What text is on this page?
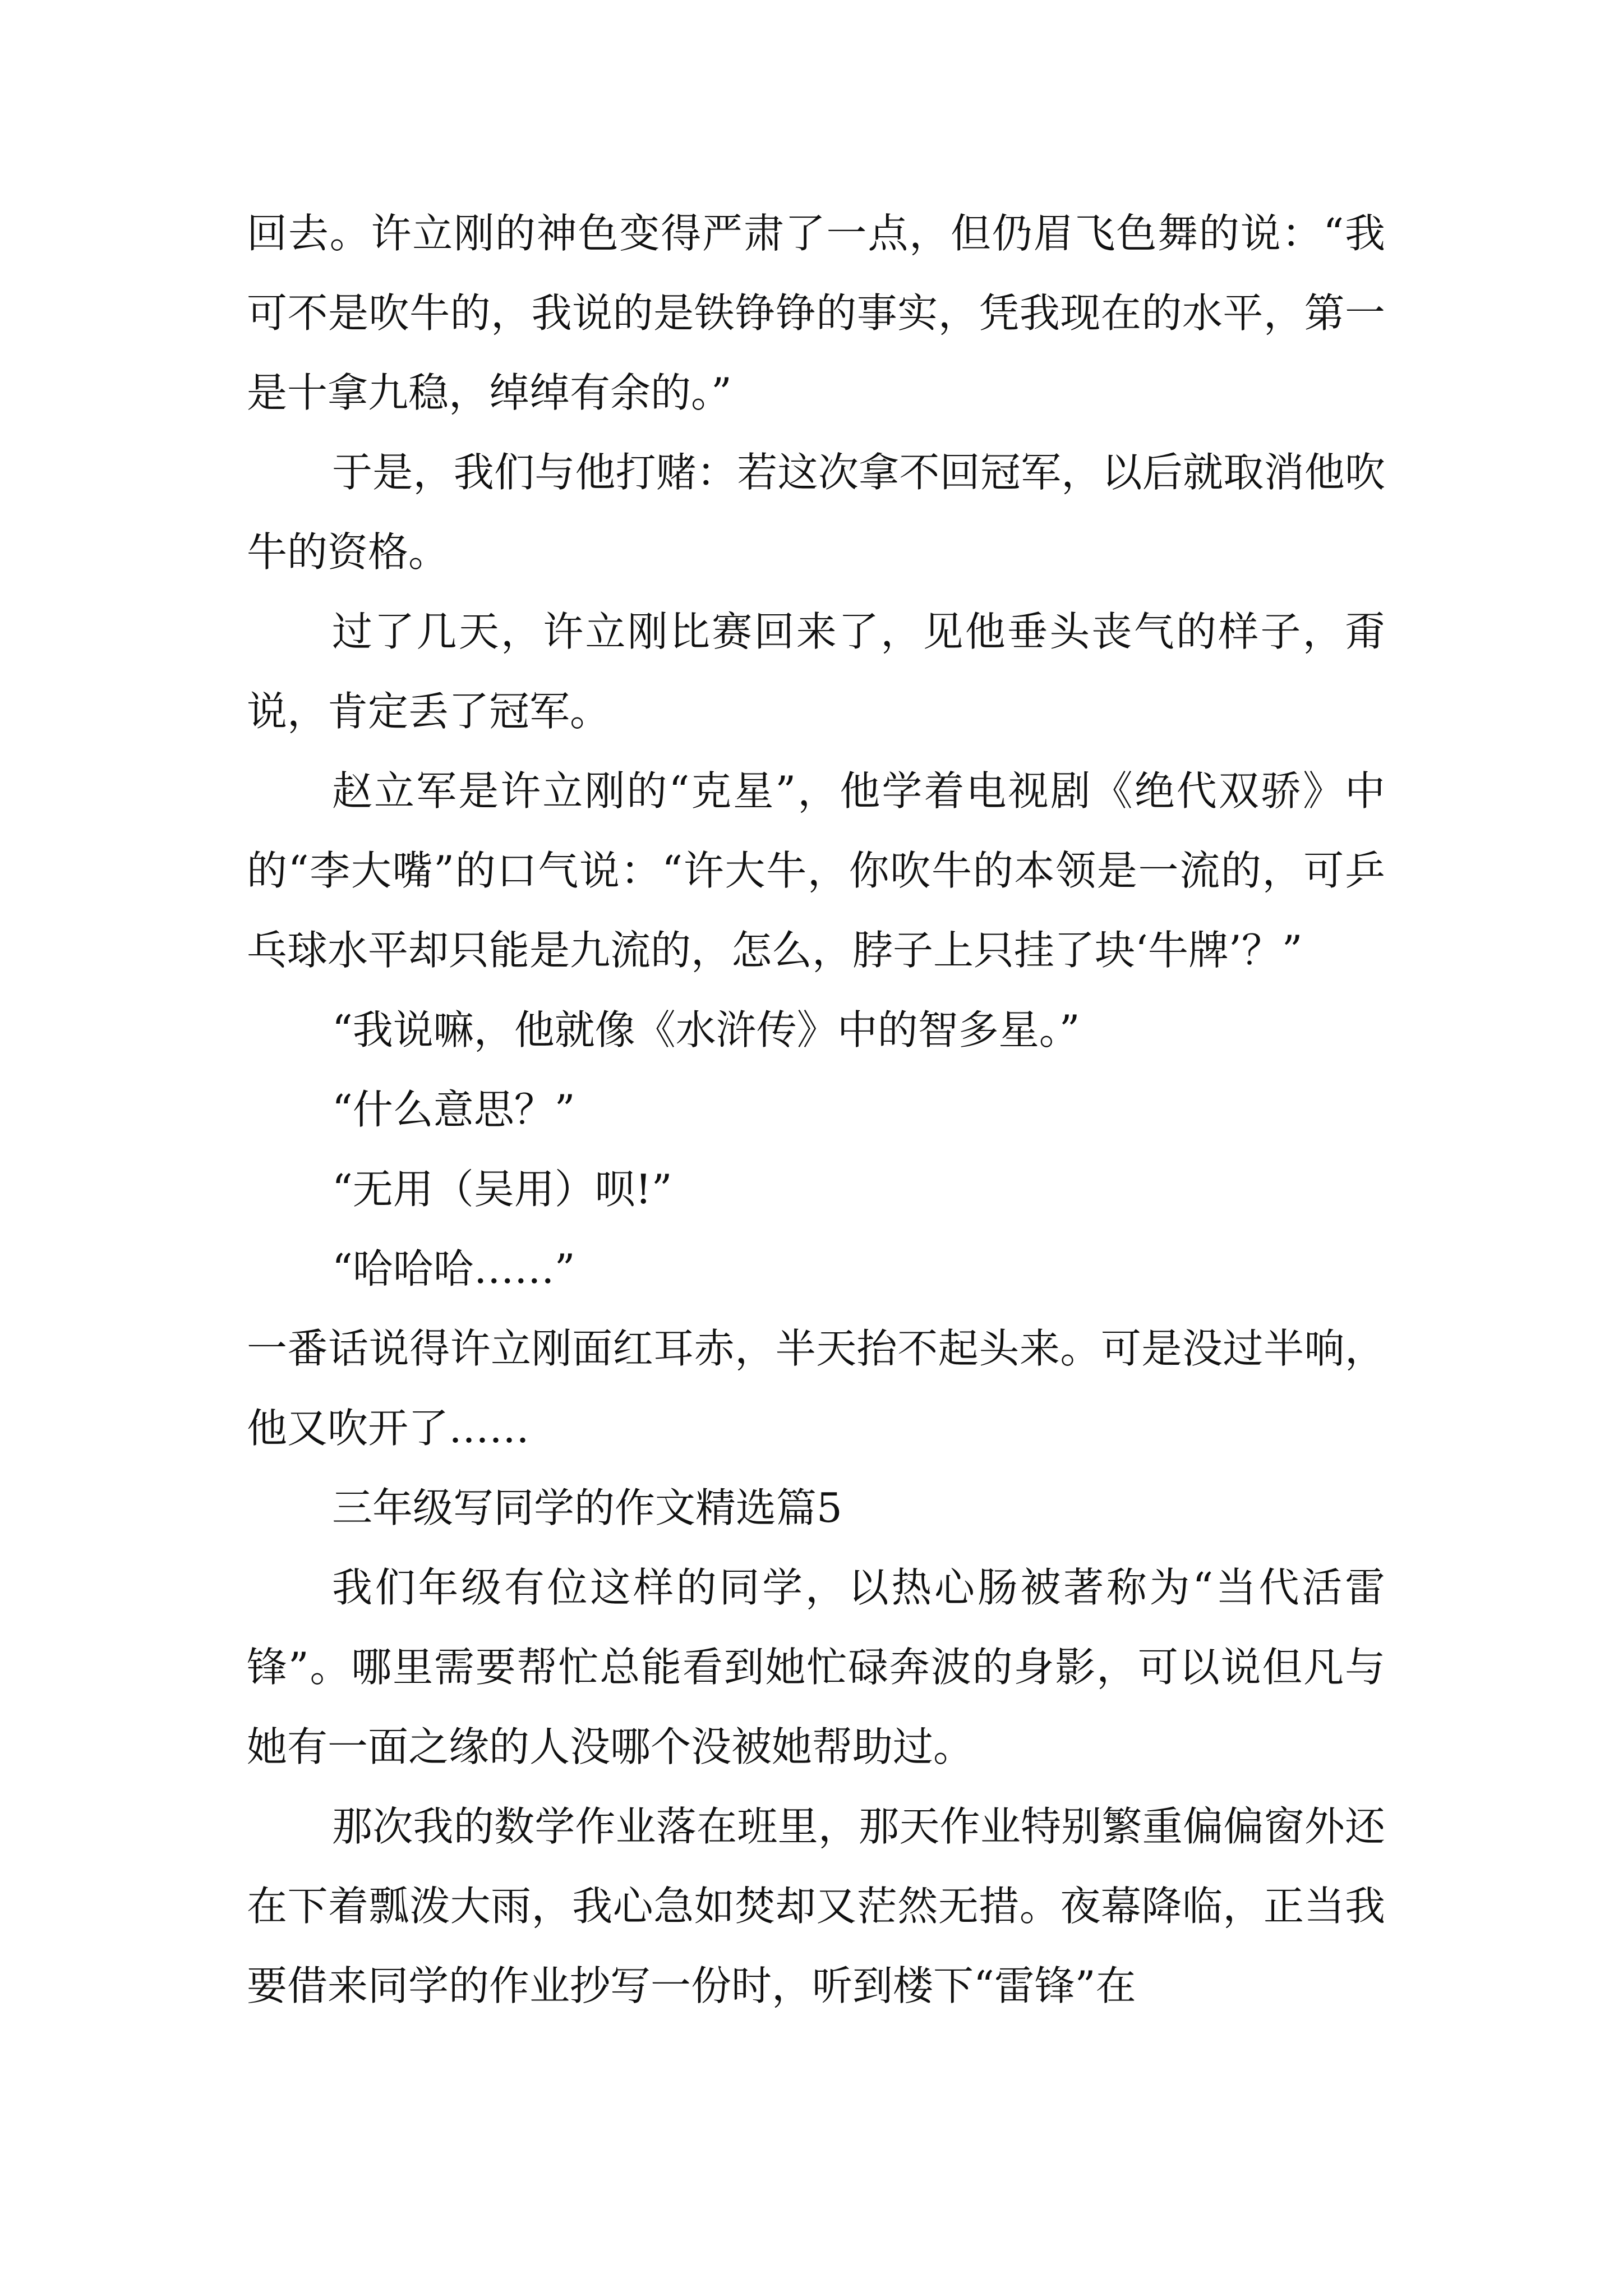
回去。许立刚的神色变得严肃了一点，但仍眉飞色舞的说：“我可不是吹牛的，我说的是铁铮铮的事实，凭我现在的水平，第一是十拿九稳，绰绰有余的。”

于是，我们与他打赌：若这次拿不回冠军，以后就取消他吹牛的资格。

过了几天，许立刚比赛回来了，见他垂头丧气的样子，甭说，肯定丢了冠军。

赵立军是许立刚的“克星”，他学着电视剧《绝代双骄》中的“李大嘴”的口气说：“许大牛，你吹牛的本领是一流的，可乒乓球水平却只能是九流的，怎么，脖子上只挂了块‘牛牌’？”

“我说嘛，他就像《水浒传》中的智多星。”

“什么意思？”

“无用（吴用）呗!”

“哈哈哈……”

一番话说得许立刚面红耳赤，半天抬不起头来。可是没过半响，他又吹开了……

三年级写同学的作文精选篇5

我们年级有位这样的同学，以热心肠被著称为“当代活雷锋”。哪里需要帮忙总能看到她忙碌奔波的身影，可以说但凡与她有一面之缘的人没哪个没被她帮助过。

那次我的数学作业落在班里，那天作业特别繁重偏偏窗外还在下着瓢泼大雨，我心急如焚却又茫然无措。夜幕降临，正当我要借来同学的作业抄写一份时，听到楼下“雷锋”在
